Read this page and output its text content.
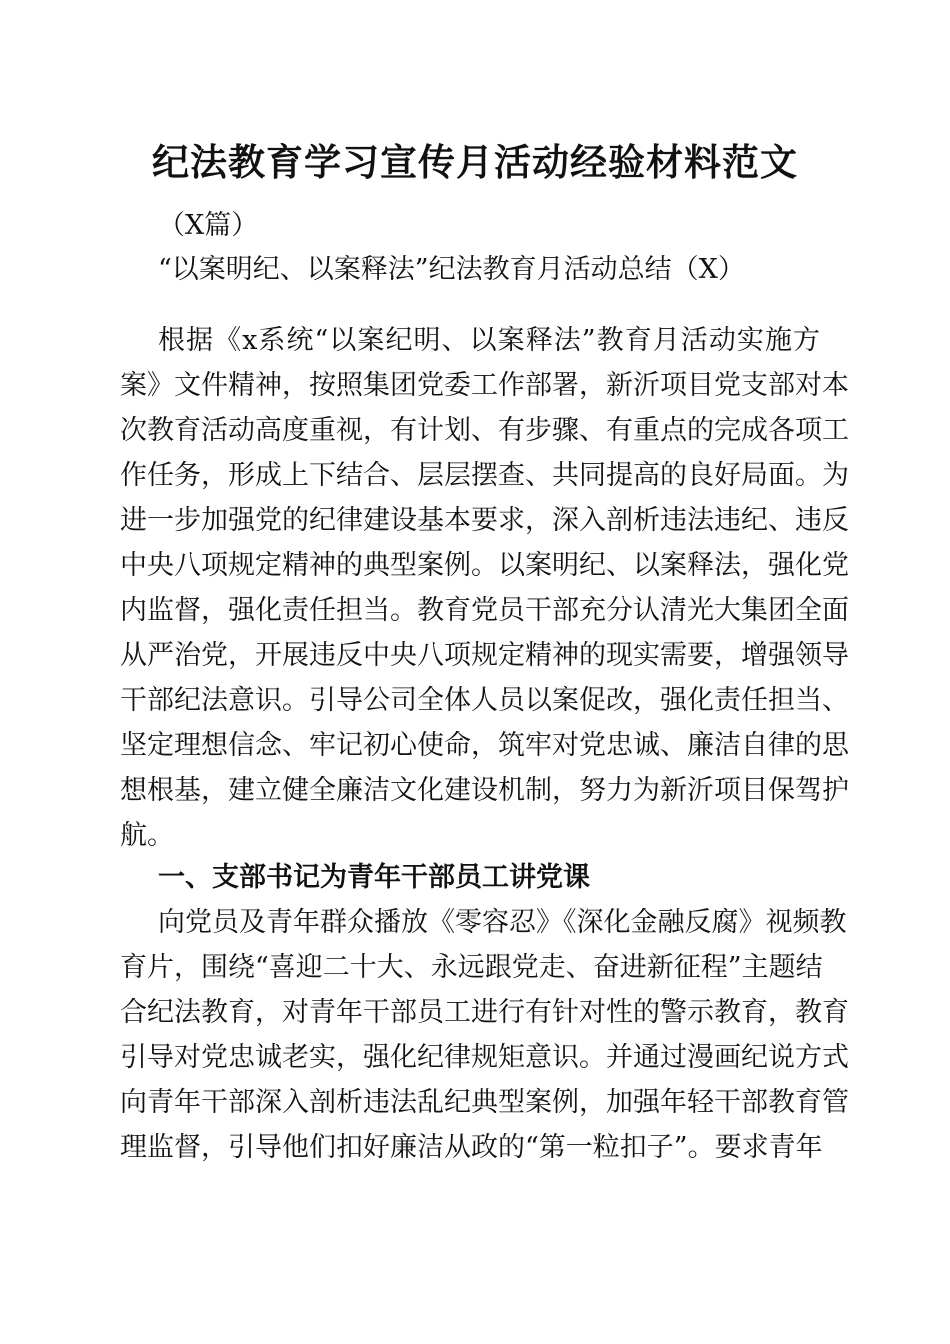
纪法教育学习宣传月活动经验材料范文
（X篇）
“以案明纪、以案释法”纪法教育月活动总结（X）
根据《x系统“以案纪明、以案释法”教育月活动实施方
案》文件精神，按照集团党委工作部署，新沂项目党支部对本
次教育活动高度重视，有计划、有步骤、有重点的完成各项工
作任务，形成上下结合、层层摆查、共同提高的良好局面。为
进一步加强党的纪律建设基本要求，深入剖析违法违纪、违反
中央八项规定精神的典型案例。以案明纪、以案释法，强化党
内监督，强化责任担当。教育党员干部充分认清光大集团全面
从严治党，开展违反中央八项规定精神的现实需要，增强领导
干部纪法意识。引导公司全体人员以案促改，强化责任担当、
坚定理想信念、牢记初心使命，筑牢对党忠诚、廉洁自律的思
想根基，建立健全廉洁文化建设机制，努力为新沂项目保驾护
航。
一、支部书记为青年干部员工讲党课
向党员及青年群众播放《零容忍》《深化金融反腐》视频教
育片，围绕“喜迎二十大、永远跟党走、奋进新征程”主题结
合纪法教育，对青年干部员工进行有针对性的警示教育，教育
引导对党忠诚老实，强化纪律规矩意识。并通过漫画纪说方式
向青年干部深入剖析违法乱纪典型案例，加强年轻干部教育管
理监督，引导他们扣好廉洁从政的“第一粒扣子”。要求青年
